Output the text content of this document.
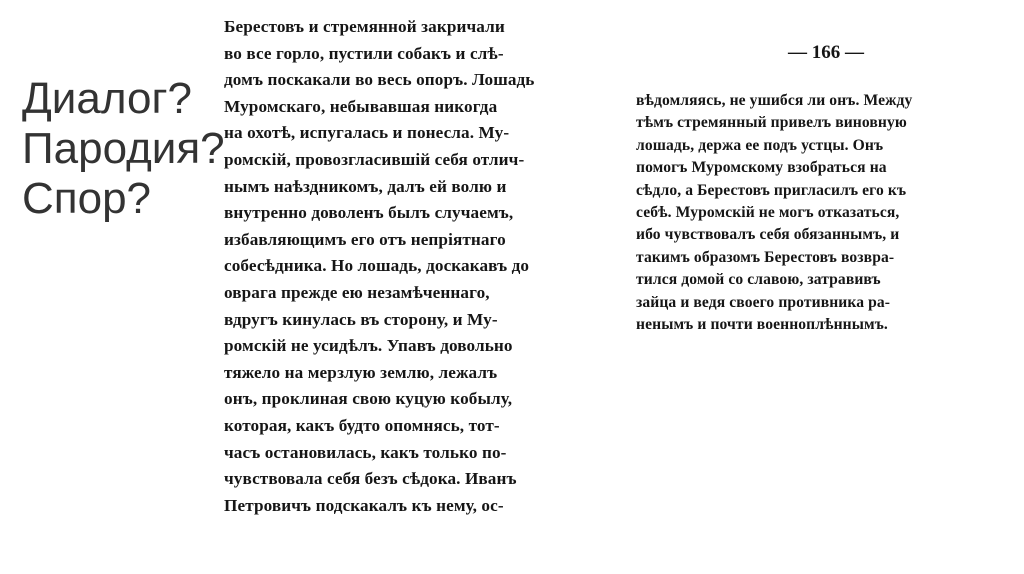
Диалог?
Пародия?
Спор?
— 166 —
Берестовъ и стремянной закричали
во все горло, пустили собакъ и слѣ-
домъ поскакали во весь опоръ. Лошадь
Муромскаго, небывавшая никогда
на охотѣ, испугалась и понесла. Му-
ромскій, провозгласившій себя отлич-
нымъ наѣздникомъ, далъ ей волю и
внутренно доволенъ былъ случаемъ,
избавляющимъ его отъ непріятнаго
собесѣдника. Но лошадь, доскакавъ до
оврага прежде ею незамѣченнаго,
вдругъ кинулась въ сторону, и Му-
ромскій не усидѣлъ. Упавъ довольно
тяжело на мерзлую землю, лежалъ
онъ, проклиная свою куцую кобылу,
которая, какъ будто опомнясь, тот-
часъ остановилась, какъ только по-
чувствовала себя безъ сѣдока. Иванъ
Петровичъ подскакалъ къ нему, ос-
вѣдомляясь, не ушибся ли онъ. Между
тѣмъ стремянный привелъ виновную
лошадь, держа ее подъ устцы. Онъ
помогъ Муромскому взобраться на
сѣдло, а Берестовъ пригласилъ его къ
себѣ. Муромскій не могъ отказаться,
ибо чувствовалъ себя обязаннымъ, и
такимъ образомъ Берестовъ возвра-
тился домой со славою, затравивъ
зайца и ведя своего противника ра-
ненымъ и почти военноплѣннымъ.
